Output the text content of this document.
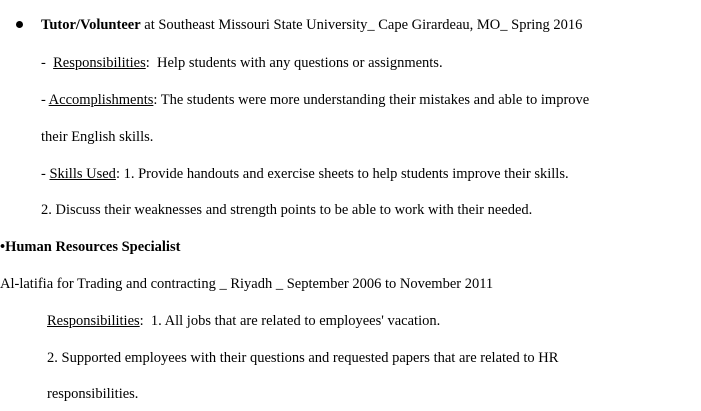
Tutor/Volunteer at Southeast Missouri State University_ Cape Girardeau, MO_ Spring 2016
-  Responsibilities:  Help students with any questions or assignments.
- Accomplishments: The students were more understanding their mistakes and able to improve
their English skills.
- Skills Used: 1. Provide handouts and exercise sheets to help students improve their skills.
2. Discuss their weaknesses and strength points to be able to work with their needed.
•Human Resources Specialist
Al-latifia for Trading and contracting _ Riyadh _ September 2006 to November 2011
Responsibilities:  1. All jobs that are related to employees' vacation.
2. Supported employees with their questions and requested papers that are related to HR
responsibilities.
